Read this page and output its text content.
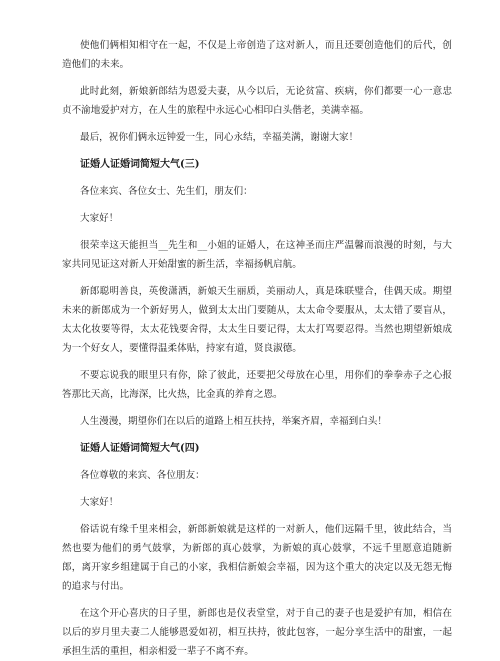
使他们俩相知相守在一起，不仅是上帝创造了这对新人，而且还要创造他们的后代，创造他们的未来。

此时此刻，新娘新郎结为恩爱夫妻，从今以后，无论贫富、疾病，你们都要一心一意忠贞不渝地爱护对方，在人生的旅程中永远心心相印白头偕老，美满幸福。

最后，祝你们俩永远钟爱一生，同心永结，幸福美满，谢谢大家！

证婚人证婚词简短大气(三)

各位来宾、各位女士、先生们，朋友们：

大家好！

很荣幸这天能担当__先生和__小姐的证婚人，在这神圣而庄严温馨而浪漫的时刻，与大家共同见证这对新人开始甜蜜的新生活，幸福扬帆启航。

新郎聪明善良，英俊潇洒，新娘天生丽质，美丽动人，真是珠联璧合，佳偶天成。期望未来的新郎成为一个新好男人，做到太太出门要随从，太太命令要服从，太太错了要盲从，太太化妆要等得，太太花钱要舍得，太太生日要记得，太太打骂要忍得。当然也期望新娘成为一个好女人，要懂得温柔体贴，持家有道，贤良淑德。

不要忘说我的眼里只有你，除了彼此，还要把父母放在心里，用你们的拳拳赤子之心报答那比天高，比海深，比火热，比金真的养育之恩。

人生漫漫，期望你们在以后的道路上相互扶持，举案齐眉，幸福到白头！

证婚人证婚词简短大气(四)

各位尊敬的来宾、各位朋友：

大家好！

俗话说有缘千里来相会，新郎新娘就是这样的一对新人，他们远隔千里，彼此结合，当然也要为他们的勇气鼓掌，为新郎的真心鼓掌，为新娘的真心鼓掌，不远千里愿意追随新郎，离开家乡组建属于自己的小家，我相信新娘会幸福，因为这个重大的决定以及无怨无悔的追求与付出。

在这个开心喜庆的日子里，新郎也是仪表堂堂，对于自己的妻子也是爱护有加，相信在以后的岁月里夫妻二人能够恩爱如初，相互扶持，彼此包容，一起分享生活中的甜蜜，一起承担生活的重担，相亲相爱一辈子不离不弃。
